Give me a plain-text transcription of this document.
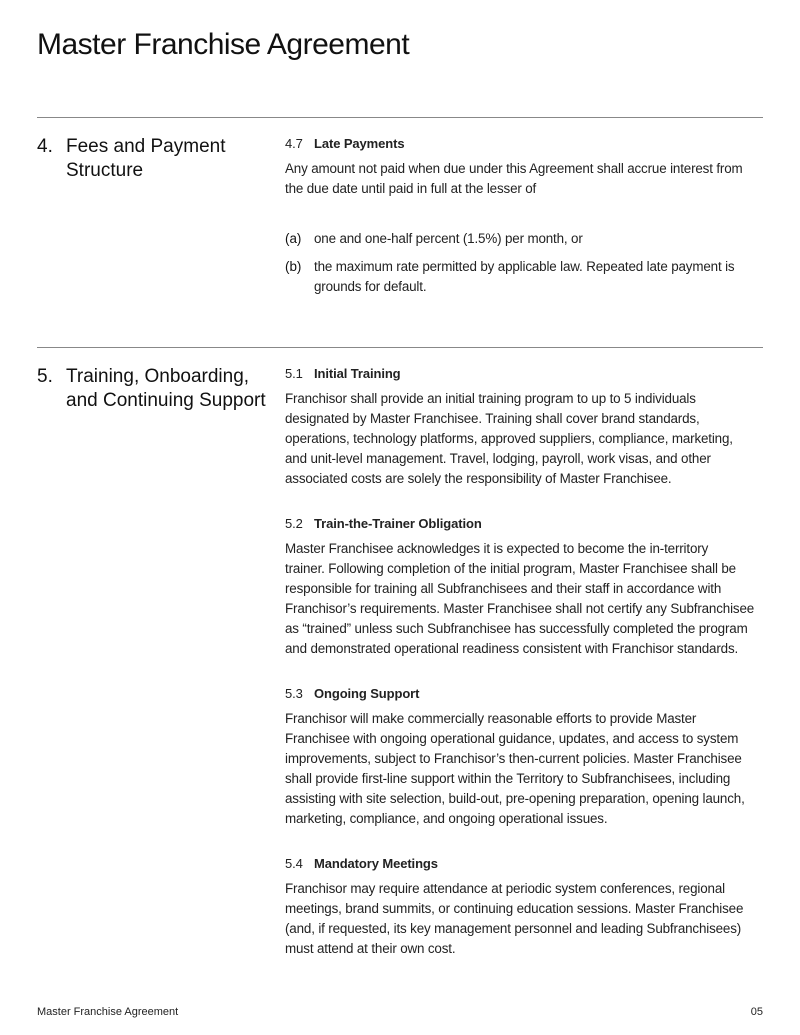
Master Franchise Agreement
4. Fees and Payment
Structure
4.7 Late Payments
Any amount not paid when due under this Agreement shall accrue interest from
the due date until paid in full at the lesser of
(a) one and one-half percent (1.5%) per month, or
(b) the maximum rate permitted by applicable law. Repeated late payment is
grounds for default.
5. Training, Onboarding,
and Continuing Support
5.1 Initial Training
Franchisor shall provide an initial training program to up to 5 individuals
designated by Master Franchisee. Training shall cover brand standards,
operations, technology platforms, approved suppliers, compliance, marketing,
and unit-level management. Travel, lodging, payroll, work visas, and other
associated costs are solely the responsibility of Master Franchisee.
5.2 Train-the-Trainer Obligation
Master Franchisee acknowledges it is expected to become the in-territory
trainer. Following completion of the initial program, Master Franchisee shall be
responsible for training all Subfranchisees and their staff in accordance with
Franchisor’s requirements. Master Franchisee shall not certify any Subfranchisee
as “trained” unless such Subfranchisee has successfully completed the program
and demonstrated operational readiness consistent with Franchisor standards.
5.3 Ongoing Support
Franchisor will make commercially reasonable efforts to provide Master
Franchisee with ongoing operational guidance, updates, and access to system
improvements, subject to Franchisor’s then-current policies. Master Franchisee
shall provide first-line support within the Territory to Subfranchisees, including
assisting with site selection, build-out, pre-opening preparation, opening launch,
marketing, compliance, and ongoing operational issues.
5.4 Mandatory Meetings
Franchisor may require attendance at periodic system conferences, regional
meetings, brand summits, or continuing education sessions. Master Franchisee
(and, if requested, its key management personnel and leading Subfranchisees)
must attend at their own cost.
Master Franchise Agreement	05
